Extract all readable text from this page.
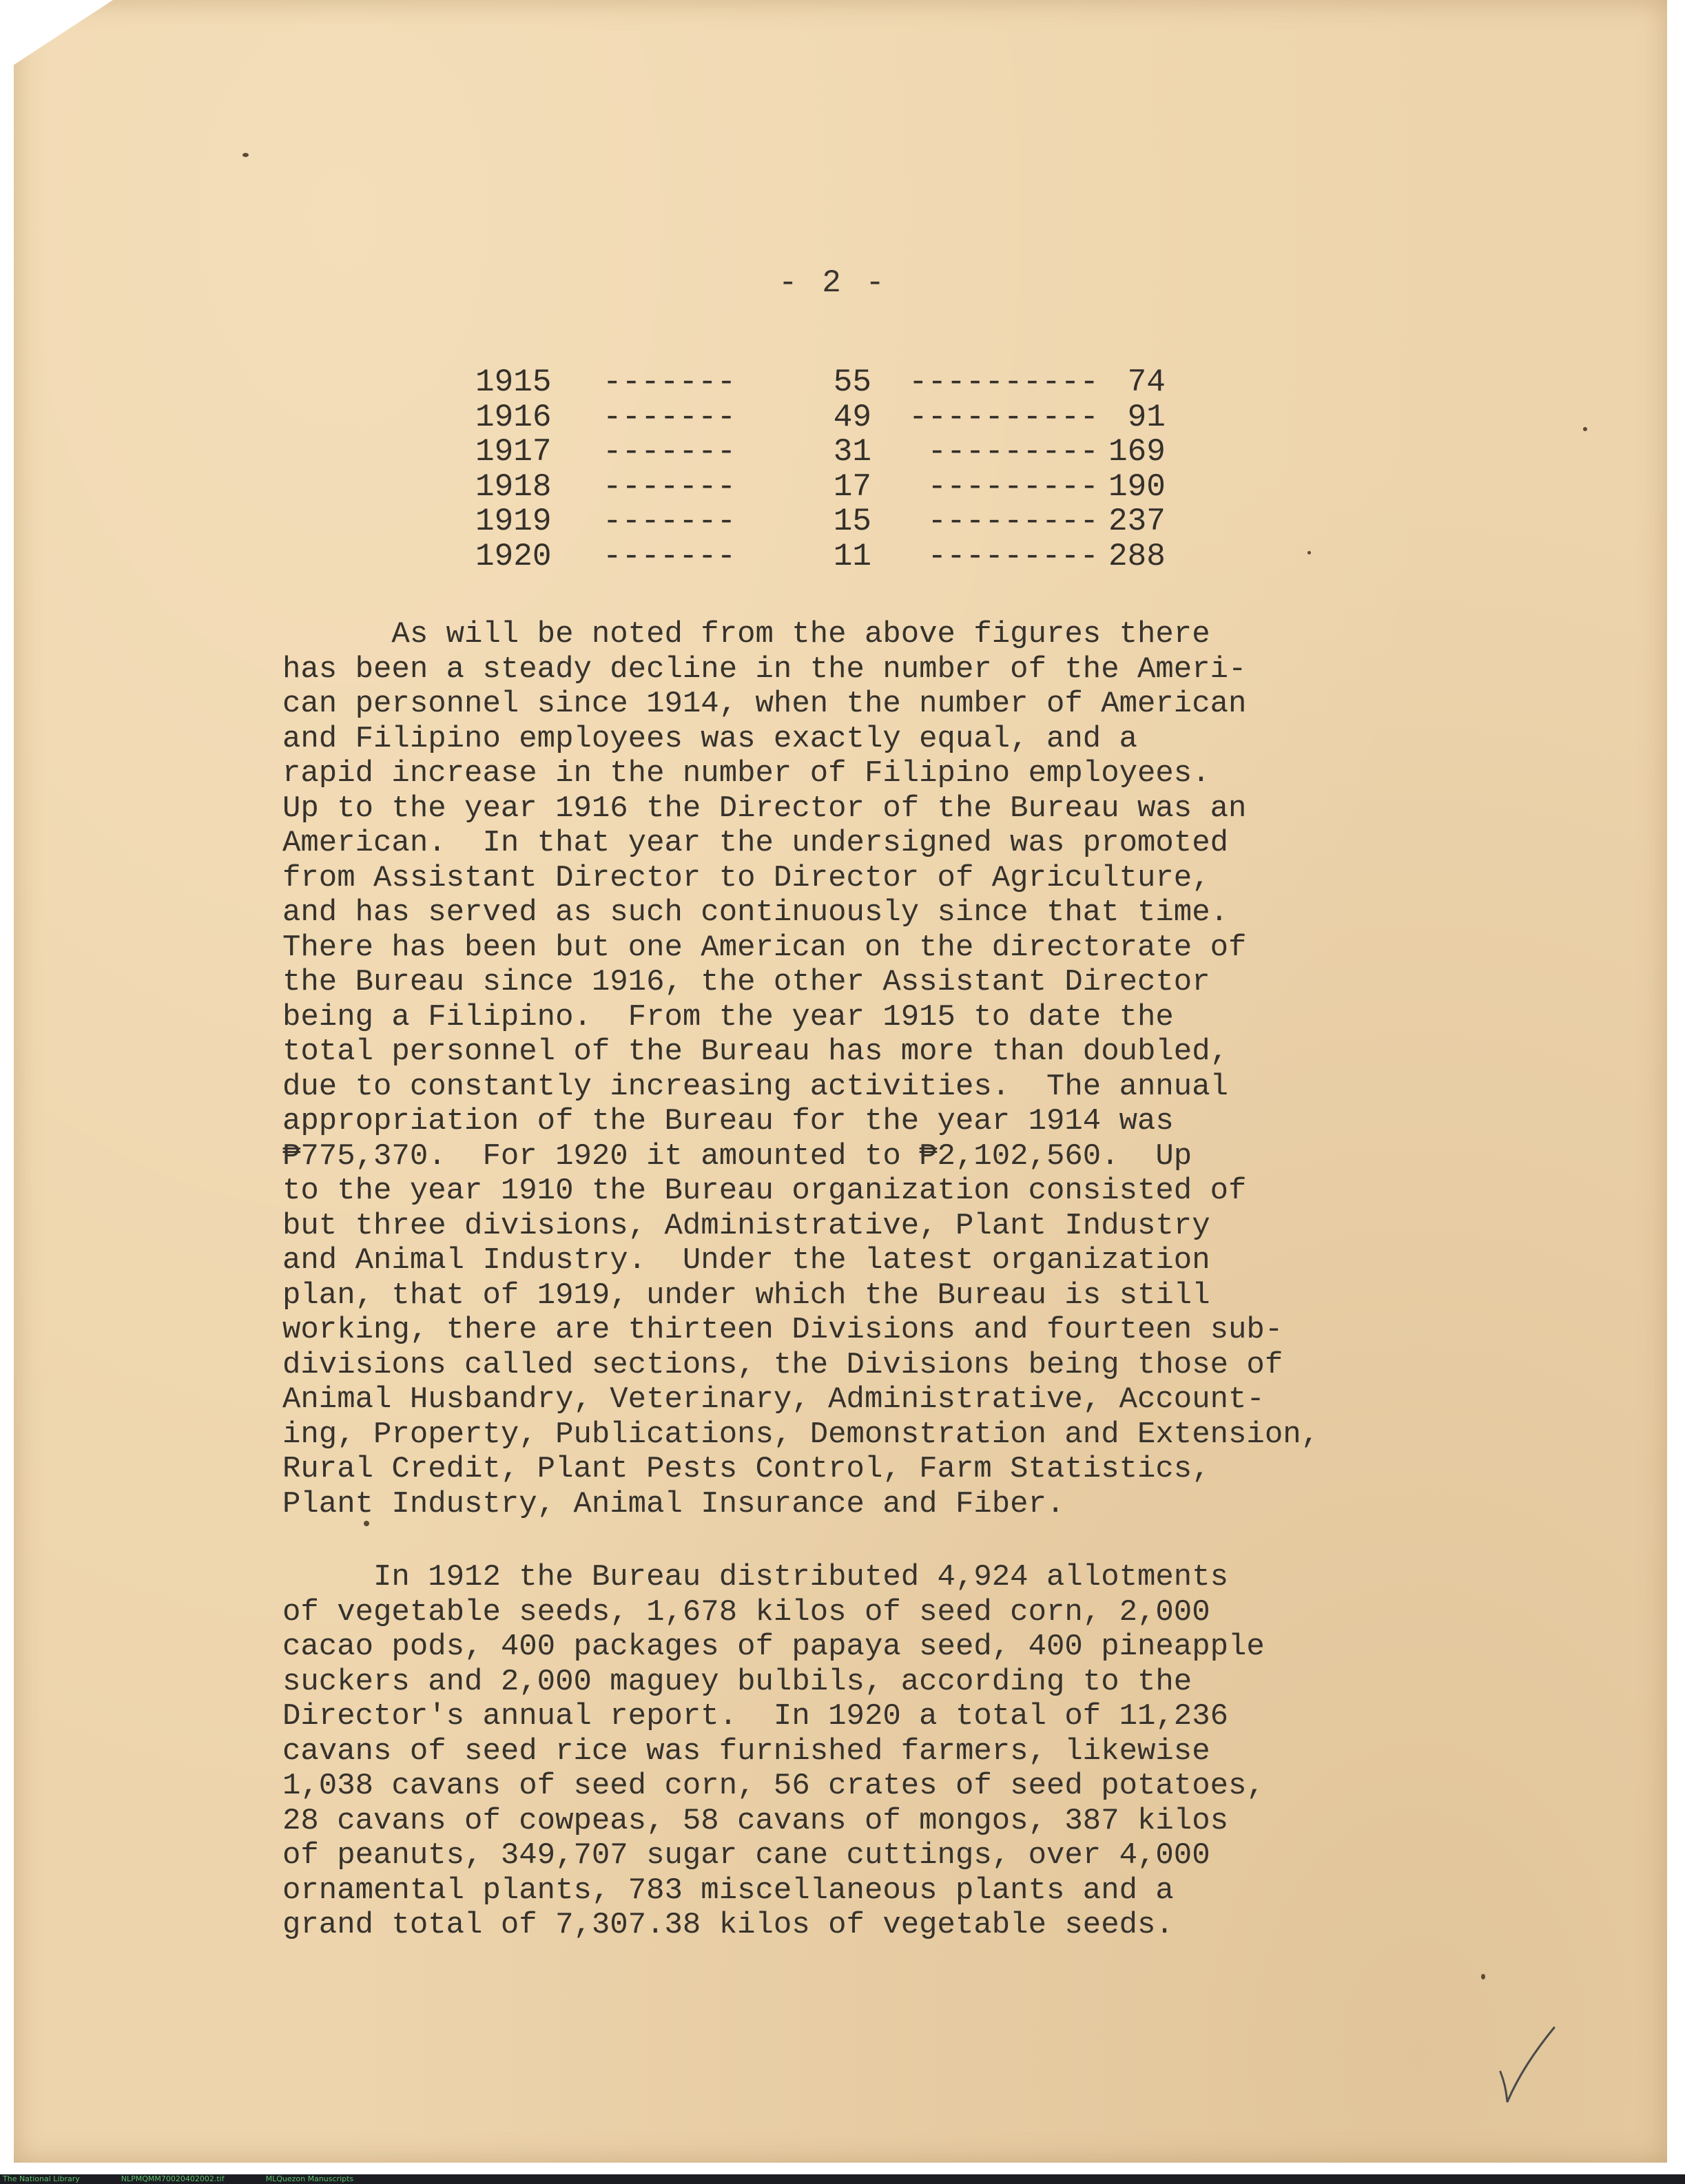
- 2 -
1915	-------	55	----------	74
1916	-------	49	----------	91
1917	-------	31	---------	169
1918	-------	17	---------	190
1919	-------	15	---------	237
1920	-------	11	---------	288
As will be noted from the above figures there
has been a steady decline in the number of the Ameri-
can personnel since 1914, when the number of American
and Filipino employees was exactly equal, and a
rapid increase in the number of Filipino employees.
Up to the year 1916 the Director of the Bureau was an
American.  In that year the undersigned was promoted
from Assistant Director to Director of Agriculture,
and has served as such continuously since that time.
There has been but one American on the directorate of
the Bureau since 1916, the other Assistant Director
being a Filipino.  From the year 1915 to date the
total personnel of the Bureau has more than doubled,
due to constantly increasing activities.  The annual
appropriation of the Bureau for the year 1914 was
₱775,370.  For 1920 it amounted to ₱2,102,560.  Up
to the year 1910 the Bureau organization consisted of
but three divisions, Administrative, Plant Industry
and Animal Industry.  Under the latest organization
plan, that of 1919, under which the Bureau is still
working, there are thirteen Divisions and fourteen sub-
divisions called sections, the Divisions being those of
Animal Husbandry, Veterinary, Administrative, Account-
ing, Property, Publications, Demonstration and Extension,
Rural Credit, Plant Pests Control, Farm Statistics,
Plant Industry, Animal Insurance and Fiber.
In 1912 the Bureau distributed 4,924 allotments
of vegetable seeds, 1,678 kilos of seed corn, 2,000
cacao pods, 400 packages of papaya seed, 400 pineapple
suckers and 2,000 maguey bulbils, according to the
Director's annual report.  In 1920 a total of 11,236
cavans of seed rice was furnished farmers, likewise
1,038 cavans of seed corn, 56 crates of seed potatoes,
28 cavans of cowpeas, 58 cavans of mongos, 387 kilos
of peanuts, 349,707 sugar cane cuttings, over 4,000
ornamental plants, 783 miscellaneous plants and a
grand total of 7,307.38 kilos of vegetable seeds.
The National Library	NLPMQMM70020402002.tif	MLQuezon Manuscripts
